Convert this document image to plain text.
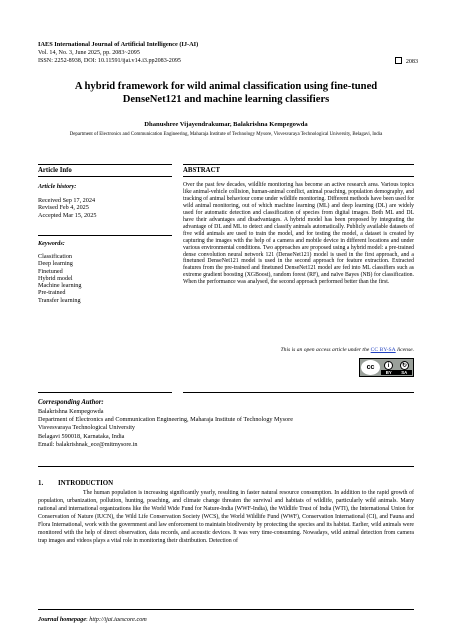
IAES International Journal of Artificial Intelligence (IJ-AI)
Vol. 14, No. 3, June 2025, pp. 2083~2095
ISSN: 2252-8938, DOI: 10.11591/ijai.v14.i3.pp2083-2095	2083
A hybrid framework for wild animal classification using fine-tuned DenseNet121 and machine learning classifiers
Dhanushree Vijayendrakumar, Balakrishna Kempegowda
Department of Electronics and Communication Engineering, Maharaja Institute of Technology Mysore, Visvesvaraya Technological University, Belagavi, India
Article Info	ABSTRACT
Article history:
Received Sep 17, 2024
Revised Feb 4, 2025
Accepted Mar 15, 2025
Keywords:
Classification
Deep learning
Finetuned
Hybrid model
Machine learning
Pre-trained
Transfer learning
Over the past few decades, wildlife monitoring has become an active research area. Various topics like animal-vehicle collision, human-animal conflict, animal poaching, population demography, and tracking of animal behaviour come under wildlife monitoring. Different methods have been used for wild animal monitoring, out of which machine learning (ML) and deep learning (DL) are widely used for automatic detection and classification of species from digital images. Both ML and DL have their advantages and disadvantages. A hybrid model has been proposed by integrating the advantage of DL and ML to detect and classify animals automatically. Publicly available datasets of five wild animals are used to train the model, and for testing the model, a dataset is created by capturing the images with the help of a camera and mobile device in different locations and under various environmental conditions. Two approaches are proposed using a hybrid model: a pre-trained dense convolution neural network 121 (DenseNet121) model is used in the first approach, and a finetuned DenseNet121 model is used in the second approach for feature extraction. Extracted features from the pre-trained and finetuned DenseNet121 model are fed into ML classifiers such as extreme gradient boosting (XGBoost), random forest (RF), and naïve Bayes (NB) for classification. When the performance was analysed, the second approach performed better than the first.
This is an open access article under the CC BY-SA license.
cc	i	↻
BY SA
Corresponding Author:
Balakrishna Kempegowda
Department of Electronics and Communication Engineering, Maharaja Institute of Technology Mysore
Visvesvaraya Technological University
Belagavi 590018, Karnataka, India
Email: balakrishnak_ece@mitmysore.in
1. INTRODUCTION
The human population is increasing significantly yearly, resulting in faster natural resource consumption. In addition to the rapid growth of population, urbanization, pollution, hunting, poaching, and climate change threaten the survival and habitats of wildlife, particularly wild animals. Many national and international organizations like the World Wide Fund for Nature-India (WWF-India), the Wildlife Trust of India (WTI), the International Union for Conservation of Nature (IUCN), the Wild Life Conservation Society (WCS), the World Wildlife Fund (WWF), Conservation International (CI), and Fauna and Flora International, work with the government and law enforcement to maintain biodiversity by protecting the species and its habitat. Earlier, wild animals were monitored with the help of direct observation, data records, and acoustic devices. It was very time-consuming. Nowadays, wild animal detection from camera trap images and videos plays a vital role in monitoring their distribution. Detection of
Journal homepage: http://ijai.iaescore.com
